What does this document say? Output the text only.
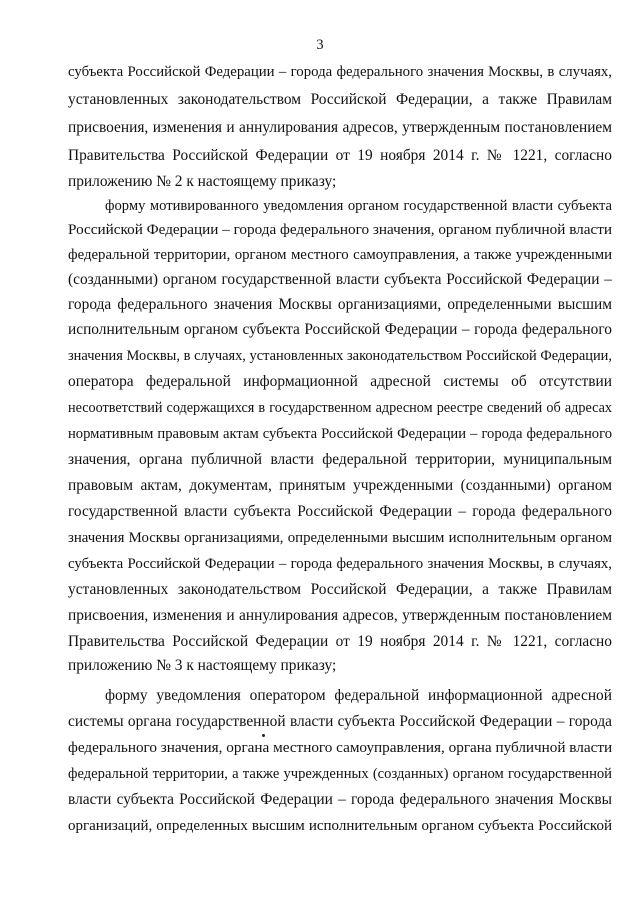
3
субъекта Российской Федерации – города федерального значения Москвы, в случаях,
установленных законодательством Российской Федерации, а также Правилам
присвоения, изменения и аннулирования адресов, утвержденным постановлением
Правительства Российской Федерации от 19 ноября 2014 г. № 1221, согласно
приложению № 2 к настоящему приказу;
форму мотивированного уведомления органом государственной власти субъекта
Российской Федерации – города федерального значения, органом публичной власти
федеральной территории, органом местного самоуправления, а также учрежденными
(созданными) органом государственной власти субъекта Российской Федерации –
города федерального значения Москвы организациями, определенными высшим
исполнительным органом субъекта Российской Федерации – города федерального
значения Москвы, в случаях, установленных законодательством Российской Федерации,
оператора федеральной информационной адресной системы об отсутствии
несоответствий содержащихся в государственном адресном реестре сведений об адресах
нормативным правовым актам субъекта Российской Федерации – города федерального
значения, органа публичной власти федеральной территории, муниципальным
правовым актам, документам, принятым учрежденными (созданными) органом
государственной власти субъекта Российской Федерации – города федерального
значения Москвы организациями, определенными высшим исполнительным органом
субъекта Российской Федерации – города федерального значения Москвы, в случаях,
установленных законодательством Российской Федерации, а также Правилам
присвоения, изменения и аннулирования адресов, утвержденным постановлением
Правительства Российской Федерации от 19 ноября 2014 г. № 1221, согласно
приложению № 3 к настоящему приказу;
форму уведомления оператором федеральной информационной адресной
системы органа государственной власти субъекта Российской Федерации – города
федерального значения, органа местного самоуправления, органа публичной власти
федеральной территории, а также учрежденных (созданных) органом государственной
власти субъекта Российской Федерации – города федерального значения Москвы
организаций, определенных высшим исполнительным органом субъекта Российской
